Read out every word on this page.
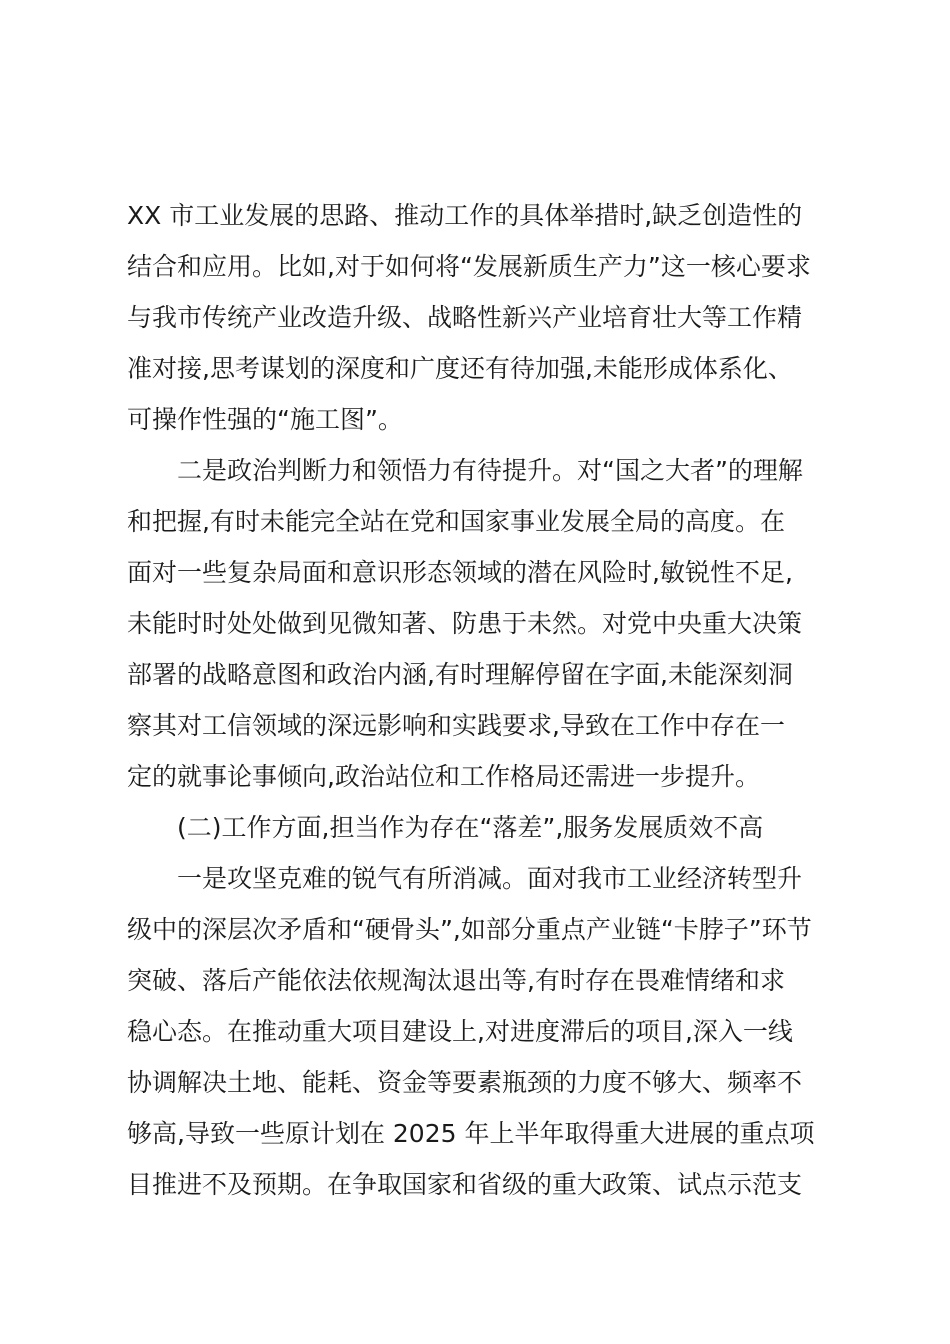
XX 市工业发展的思路、推动工作的具体举措时,缺乏创造性的
结合和应用。比如,对于如何将“发展新质生产力”这一核心要求
与我市传统产业改造升级、战略性新兴产业培育壮大等工作精
准对接,思考谋划的深度和广度还有待加强,未能形成体系化、
可操作性强的“施工图”。

二是政治判断力和领悟力有待提升。对“国之大者”的理解
和把握,有时未能完全站在党和国家事业发展全局的高度。在
面对一些复杂局面和意识形态领域的潜在风险时,敏锐性不足,
未能时时处处做到见微知著、防患于未然。对党中央重大决策
部署的战略意图和政治内涵,有时理解停留在字面,未能深刻洞
察其对工信领域的深远影响和实践要求,导致在工作中存在一
定的就事论事倾向,政治站位和工作格局还需进一步提升。

(二)工作方面,担当作为存在“落差”,服务发展质效不高

一是攻坚克难的锐气有所消减。面对我市工业经济转型升
级中的深层次矛盾和“硬骨头”,如部分重点产业链“卡脖子”环节
突破、落后产能依法依规淘汰退出等,有时存在畏难情绪和求
稳心态。在推动重大项目建设上,对进度滞后的项目,深入一线
协调解决土地、能耗、资金等要素瓶颈的力度不够大、频率不
够高,导致一些原计划在 2025 年上半年取得重大进展的重点项
目推进不及预期。在争取国家和省级的重大政策、试点示范支
